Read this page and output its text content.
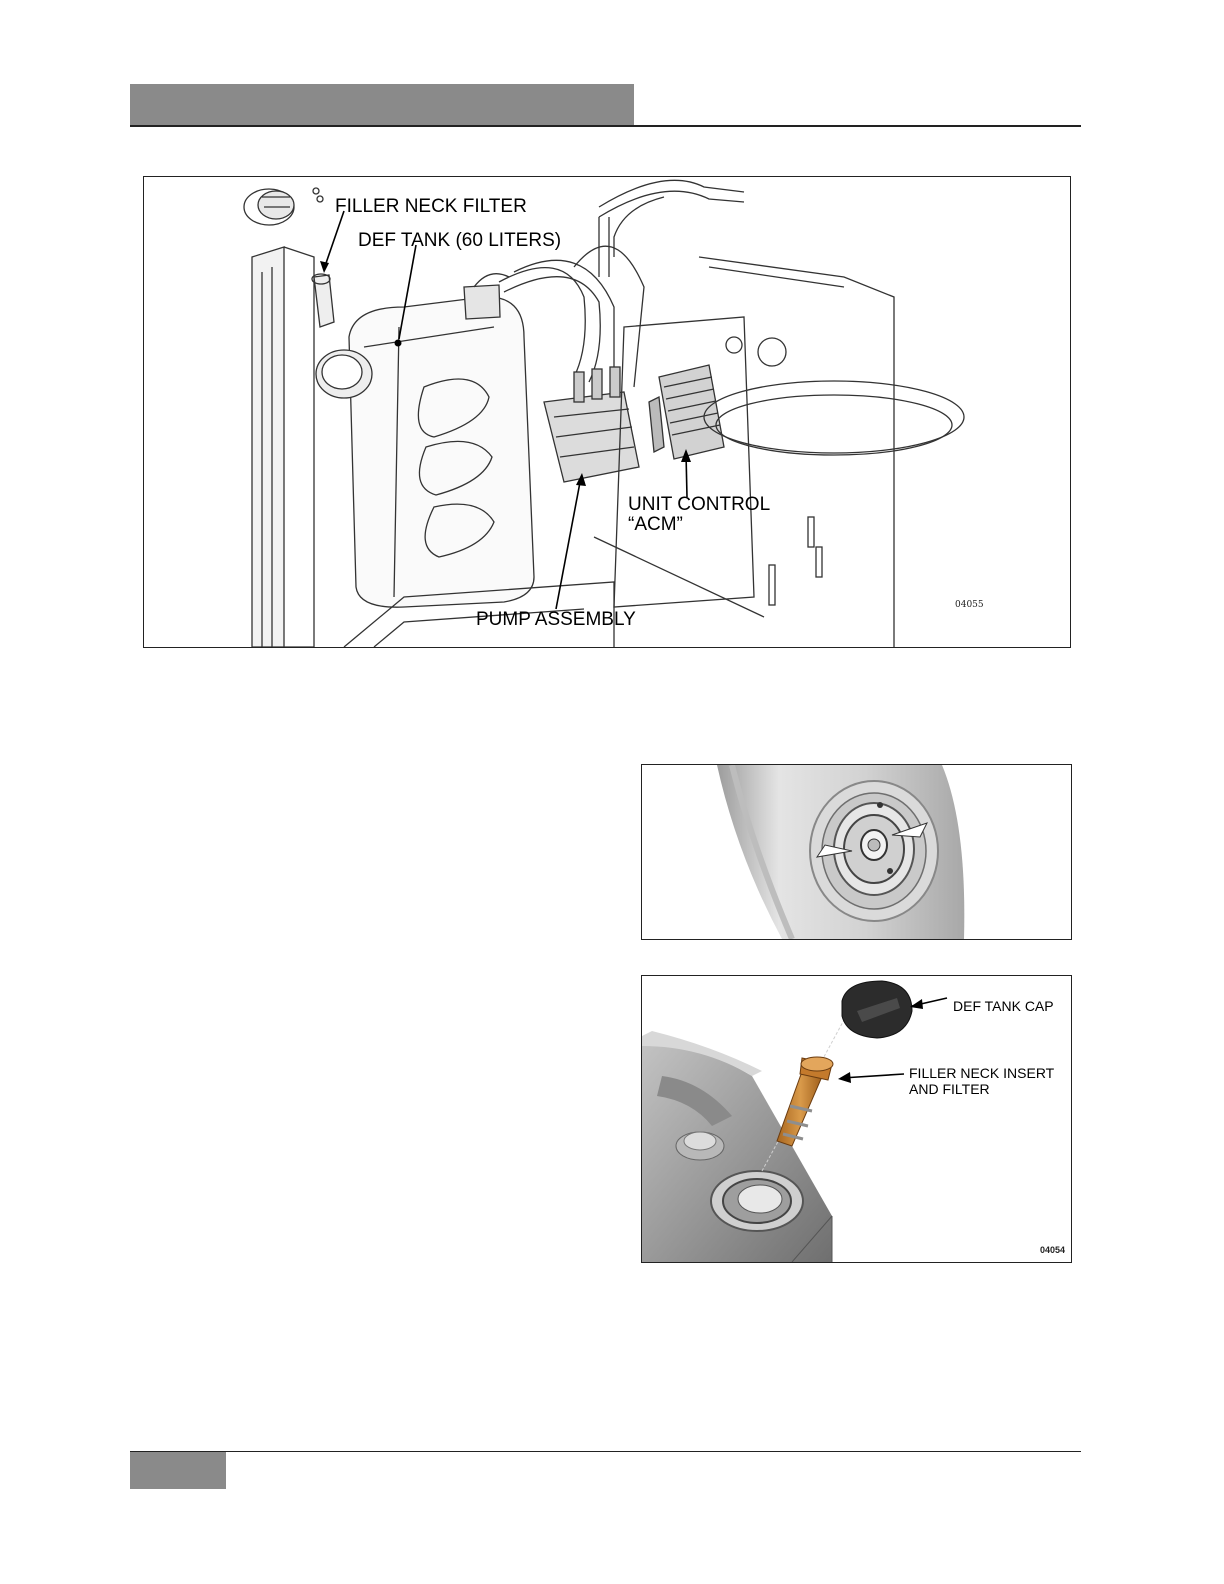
FILLER NECK FILTER
DEF TANK (60 LITERS)
UNIT CONTROL
“ACM”
PUMP ASSEMBLY
04055
DEF TANK CAP
FILLER NECK INSERT
AND FILTER
04054
